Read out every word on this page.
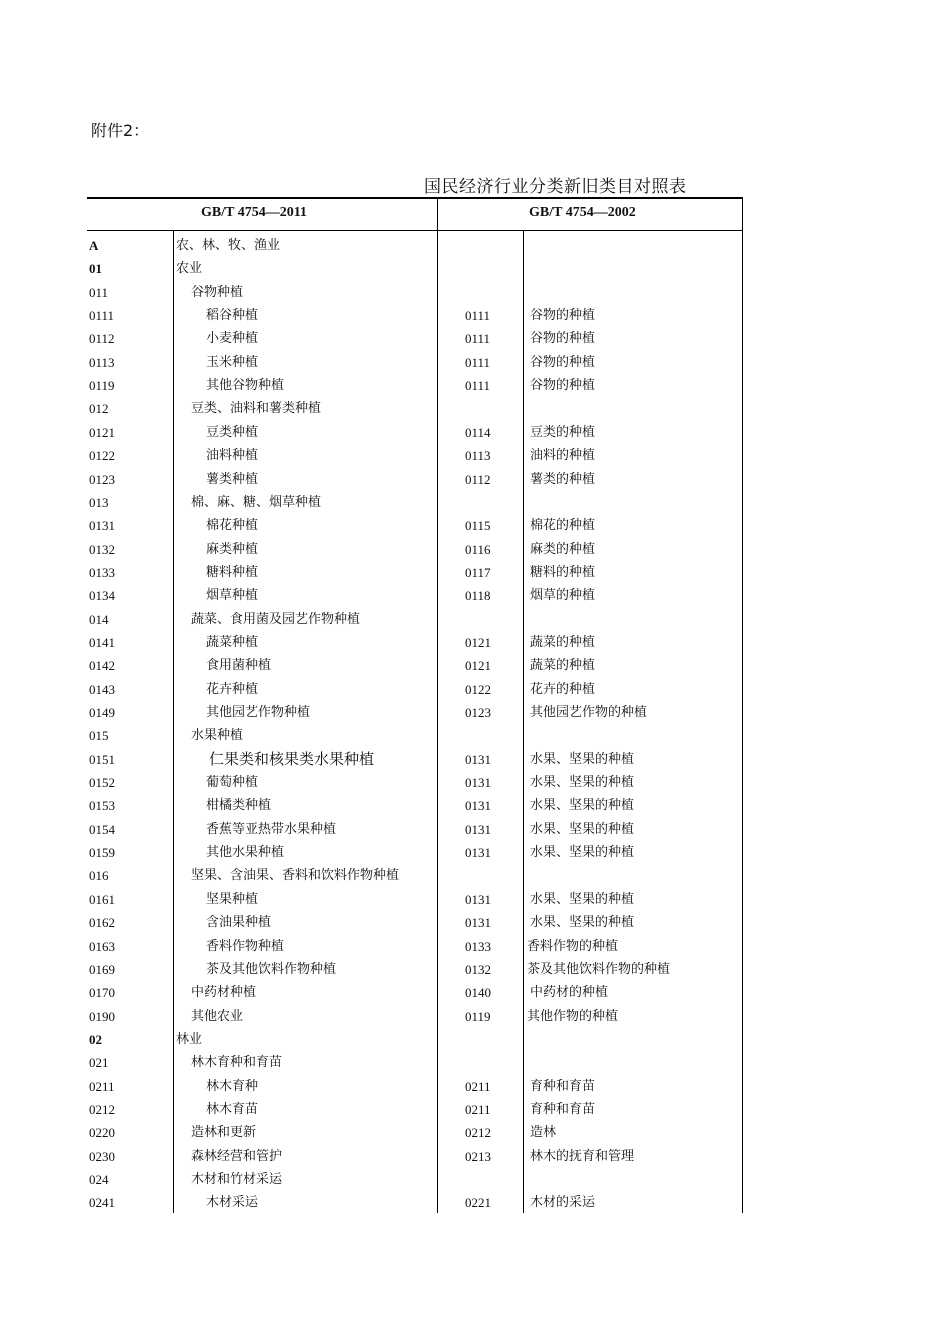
附件2：
国民经济行业分类新旧类目对照表
GB/T 4754—2011	GB/T 4754—2002
A	农、林、牧、渔业
01	农业
011	谷物种植
0111	稻谷种植	0111	谷物的种植
0112	小麦种植	0111	谷物的种植
0113	玉米种植	0111	谷物的种植
0119	其他谷物种植	0111	谷物的种植
012	豆类、油料和薯类种植
0121	豆类种植	0114	豆类的种植
0122	油料种植	0113	油料的种植
0123	薯类种植	0112	薯类的种植
013	棉、麻、糖、烟草种植
0131	棉花种植	0115	棉花的种植
0132	麻类种植	0116	麻类的种植
0133	糖料种植	0117	糖料的种植
0134	烟草种植	0118	烟草的种植
014	蔬菜、食用菌及园艺作物种植
0141	蔬菜种植	0121	蔬菜的种植
0142	食用菌种植	0121	蔬菜的种植
0143	花卉种植	0122	花卉的种植
0149	其他园艺作物种植	0123	其他园艺作物的种植
015	水果种植
0151	仁果类和核果类水果种植	0131	水果、坚果的种植
0152	葡萄种植	0131	水果、坚果的种植
0153	柑橘类种植	0131	水果、坚果的种植
0154	香蕉等亚热带水果种植	0131	水果、坚果的种植
0159	其他水果种植	0131	水果、坚果的种植
016	坚果、含油果、香料和饮料作物种植
0161	坚果种植	0131	水果、坚果的种植
0162	含油果种植	0131	水果、坚果的种植
0163	香料作物种植	0133	香料作物的种植
0169	茶及其他饮料作物种植	0132	茶及其他饮料作物的种植
0170	中药材种植	0140	中药材的种植
0190	其他农业	0119	其他作物的种植
02	林业
021	林木育种和育苗
0211	林木育种	0211	育种和育苗
0212	林木育苗	0211	育种和育苗
0220	造林和更新	0212	造林
0230	森林经营和管护	0213	林木的抚育和管理
024	木材和竹材采运
0241	木材采运	0221	木材的采运
